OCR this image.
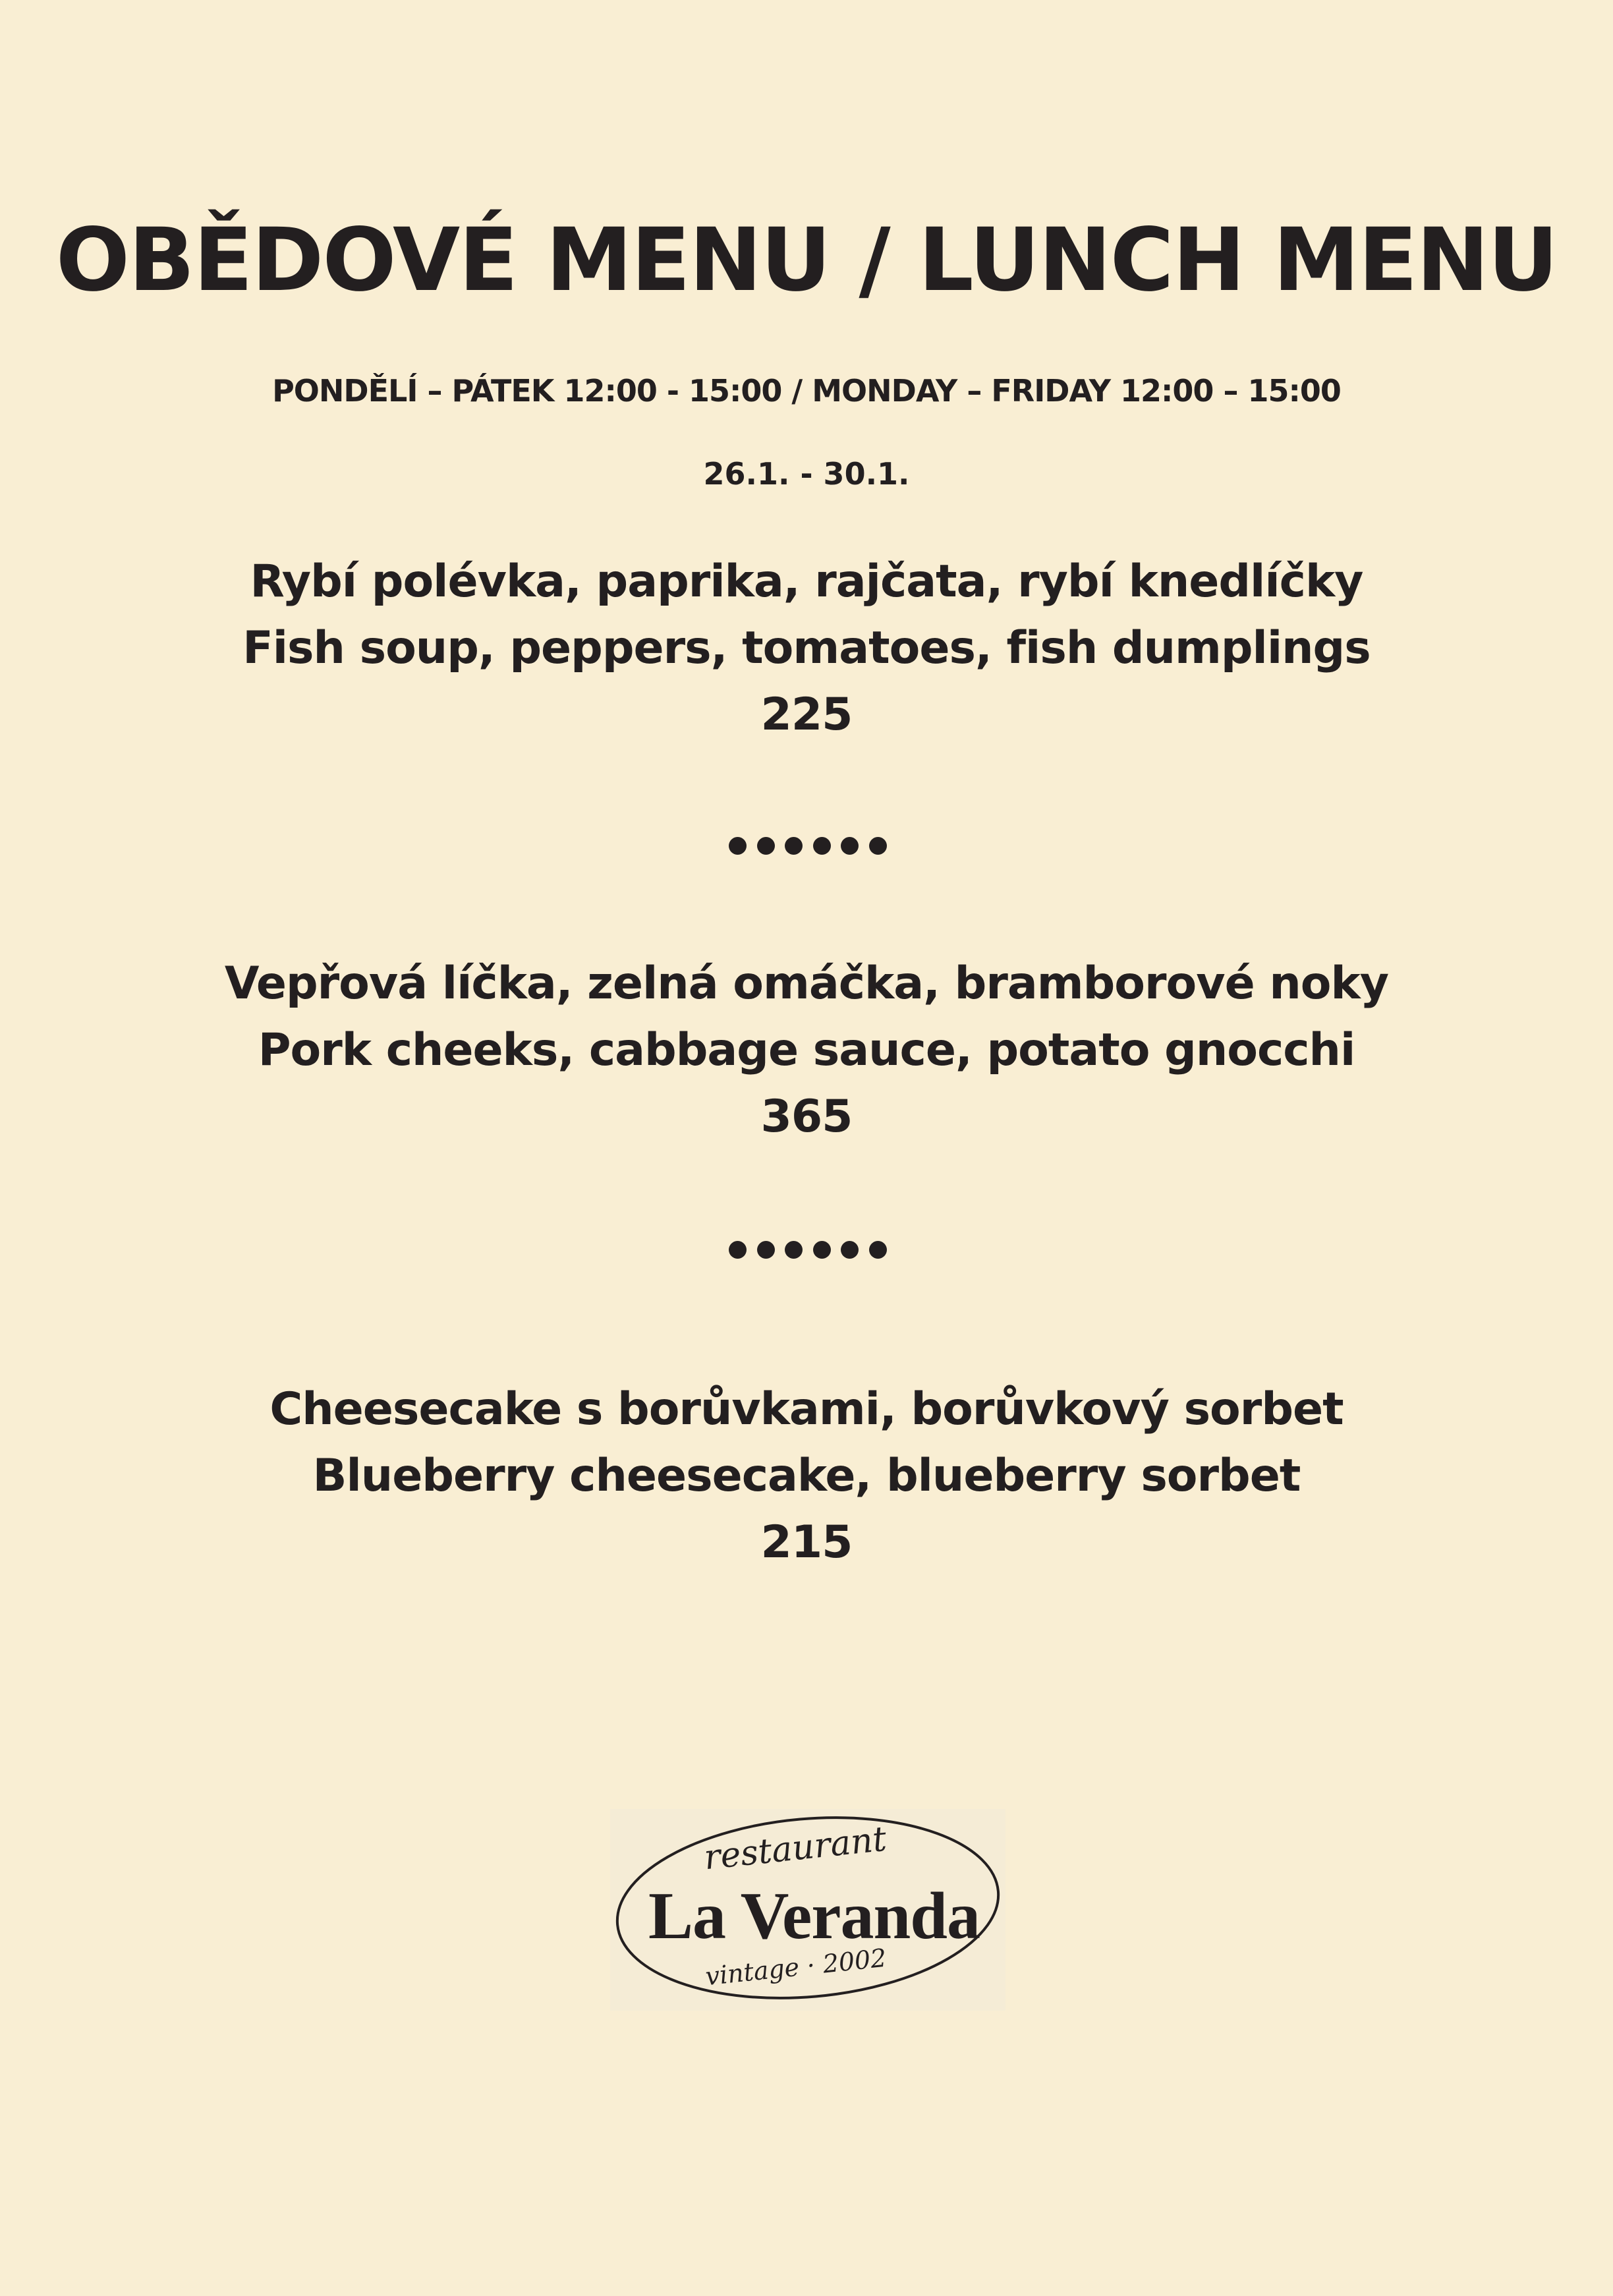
OBĚDOVÉ MENU / LUNCH MENU
PONDĚLÍ – PÁTEK 12:00 - 15:00 / MONDAY – FRIDAY 12:00 – 15:00
26.1. - 30.1.
Rybí polévka, paprika, rajčata, rybí knedlíčky
Fish soup, peppers, tomatoes, fish dumplings
225
Vepřová líčka, zelná omáčka, bramborové noky
Pork cheeks, cabbage sauce, potato gnocchi
365
Cheesecake s borůvkami, borůvkový sorbet
Blueberry cheesecake, blueberry sorbet
215
restaurant
La Veranda
vintage · 2002
